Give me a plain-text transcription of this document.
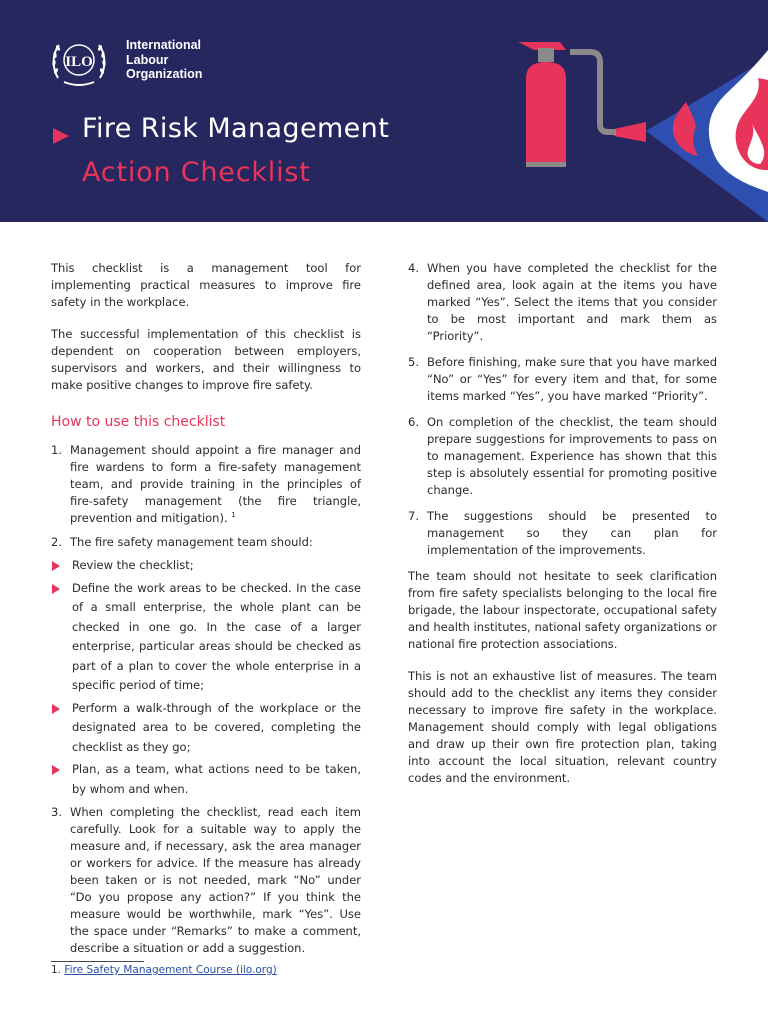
ILO
International
Labour
Organization
Fire Risk Management
Action Checklist

This checklist is a management tool for implementing practical measures to improve fire safety in the workplace.

The successful implementation of this checklist is dependent on cooperation between employers, supervisors and workers, and their willingness to make positive changes to improve fire safety.

How to use this checklist
1. Management should appoint a fire manager and fire wardens to form a fire-safety management team, and provide training in the principles of fire-safety management (the fire triangle, prevention and mitigation). $^1$

2. The fire safety management team should:

Review the checklist;

Define the work areas to be checked. In the case of a small enterprise, the whole plant can be checked in one go. In the case of a larger enterprise, particular areas should be checked as part of a plan to cover the whole enterprise in a specific period of time;

Perform a walk-through of the workplace or the designated area to be covered, completing the checklist as they go;

Plan, as a team, what actions need to be taken, by whom and when.

3. When completing the checklist, read each item carefully. Look for a suitable way to apply the measure and, if necessary, ask the area manager or workers for advice. If the measure has already been taken or is not needed, mark “No” under “Do you propose any action?” If you think the measure would be worthwhile, mark “Yes”. Use the space under “Remarks” to make a comment, describe a situation or add a suggestion.

4. When you have completed the checklist for the defined area, look again at the items you have marked “Yes”. Select the items that you consider to be most important and mark them as “Priority”.

5. Before finishing, make sure that you have marked “No” or “Yes” for every item and that, for some items marked “Yes”, you have marked “Priority”.

6. On completion of the checklist, the team should prepare suggestions for improvements to pass on to management. Experience has shown that this step is absolutely essential for promoting positive change.

7. The suggestions should be presented to management so they can plan for implementation of the improvements.

The team should not hesitate to seek clarification from fire safety specialists belonging to the local fire brigade, the labour inspectorate, occupational safety and health institutes, national safety organizations or national fire protection associations.

This is not an exhaustive list of measures. The team should add to the checklist any items they consider necessary to improve fire safety in the workplace. Management should comply with legal obligations and draw up their own fire protection plan, taking into account the local situation, relevant country codes and the environment.

1. Fire Safety Management Course (ilo.org)
